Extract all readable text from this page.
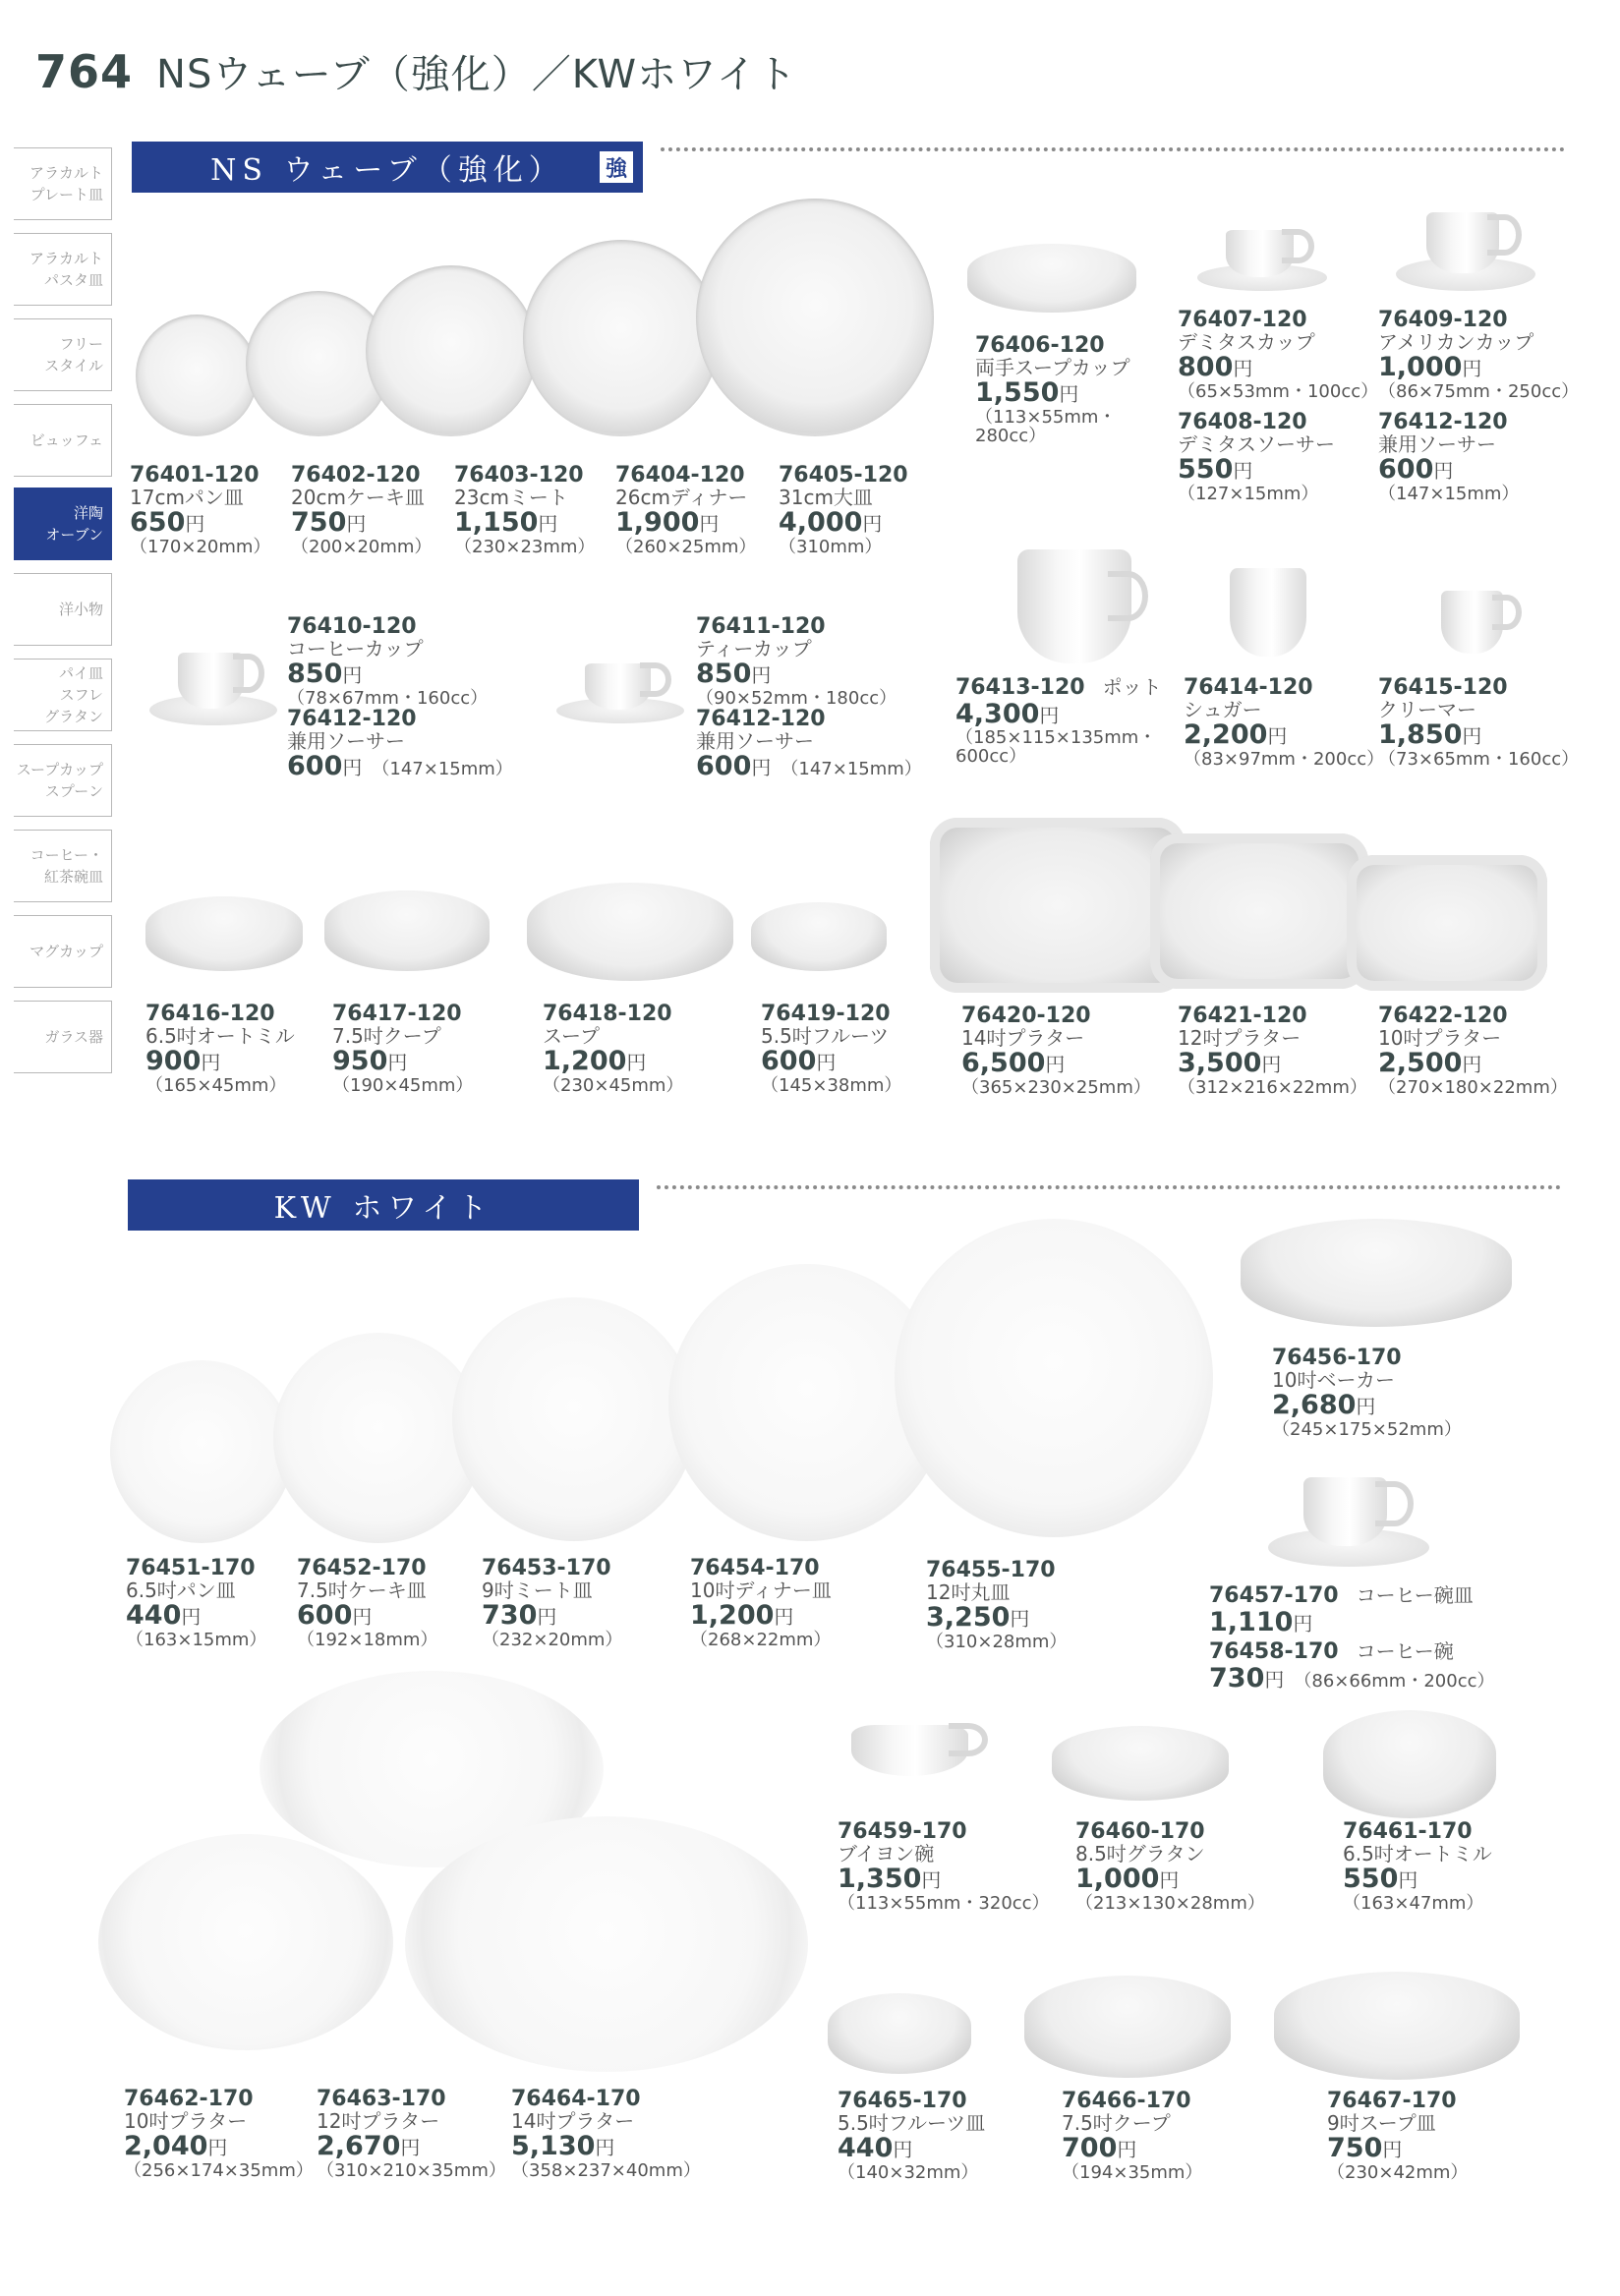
764 NSウェーブ（強化）／KWホワイト
アラカルト
プレート皿
アラカルト
パスタ皿
フリー
スタイル
ビュッフェ
洋陶
オーブン
洋小物
パイ皿
スフレ
グラタン
スープカップ
スプーン
コーヒー・
紅茶碗皿
マグカップ
ガラス器
NS ウェーブ（強化） 強
KW ホワイト
76401-120
17cmパン皿
650円
（170×20mm）
76402-120
20cmケーキ皿
750円
（200×20mm）
76403-120
23cmミート
1,150円
（230×23mm）
76404-120
26cmディナー
1,900円
（260×25mm）
76405-120
31cm大皿
4,000円
（310mm）
76406-120
両手スープカップ
1,550円
（113×55mm・
280cc）
76407-120
デミタスカップ
800円
（65×53mm・100cc）
76408-120
デミタスソーサー
550円
（127×15mm）
76409-120
アメリカンカップ
1,000円
（86×75mm・250cc）
76412-120
兼用ソーサー
600円
（147×15mm）
76410-120
コーヒーカップ
850円
（78×67mm・160cc）
76412-120
兼用ソーサー
600円 （147×15mm）
76411-120
ティーカップ
850円
（90×52mm・180cc）
76412-120
兼用ソーサー
600円 （147×15mm）
76413-120 ポット
4,300円
（185×115×135mm・
600cc）
76414-120
シュガー
2,200円
（83×97mm・200cc）
76415-120
クリーマー
1,850円
（73×65mm・160cc）
76416-120
6.5吋オートミル
900円
（165×45mm）
76417-120
7.5吋クープ
950円
（190×45mm）
76418-120
スープ
1,200円
（230×45mm）
76419-120
5.5吋フルーツ
600円
（145×38mm）
76420-120
14吋プラター
6,500円
（365×230×25mm）
76421-120
12吋プラター
3,500円
（312×216×22mm）
76422-120
10吋プラター
2,500円
（270×180×22mm）
76451-170
6.5吋パン皿
440円
（163×15mm）
76452-170
7.5吋ケーキ皿
600円
（192×18mm）
76453-170
9吋ミート皿
730円
（232×20mm）
76454-170
10吋ディナー皿
1,200円
（268×22mm）
76455-170
12吋丸皿
3,250円
（310×28mm）
76456-170
10吋ベーカー
2,680円
（245×175×52mm）
76457-170 コーヒー碗皿
1,110円
76458-170 コーヒー碗
730円 （86×66mm・200cc）
76459-170
ブイヨン碗
1,350円
（113×55mm・320cc）
76460-170
8.5吋グラタン
1,000円
（213×130×28mm）
76461-170
6.5吋オートミル
550円
（163×47mm）
76462-170
10吋プラター
2,040円
（256×174×35mm）
76463-170
12吋プラター
2,670円
（310×210×35mm）
76464-170
14吋プラター
5,130円
（358×237×40mm）
76465-170
5.5吋フルーツ皿
440円
（140×32mm）
76466-170
7.5吋クープ
700円
（194×35mm）
76467-170
9吋スープ皿
750円
（230×42mm）
